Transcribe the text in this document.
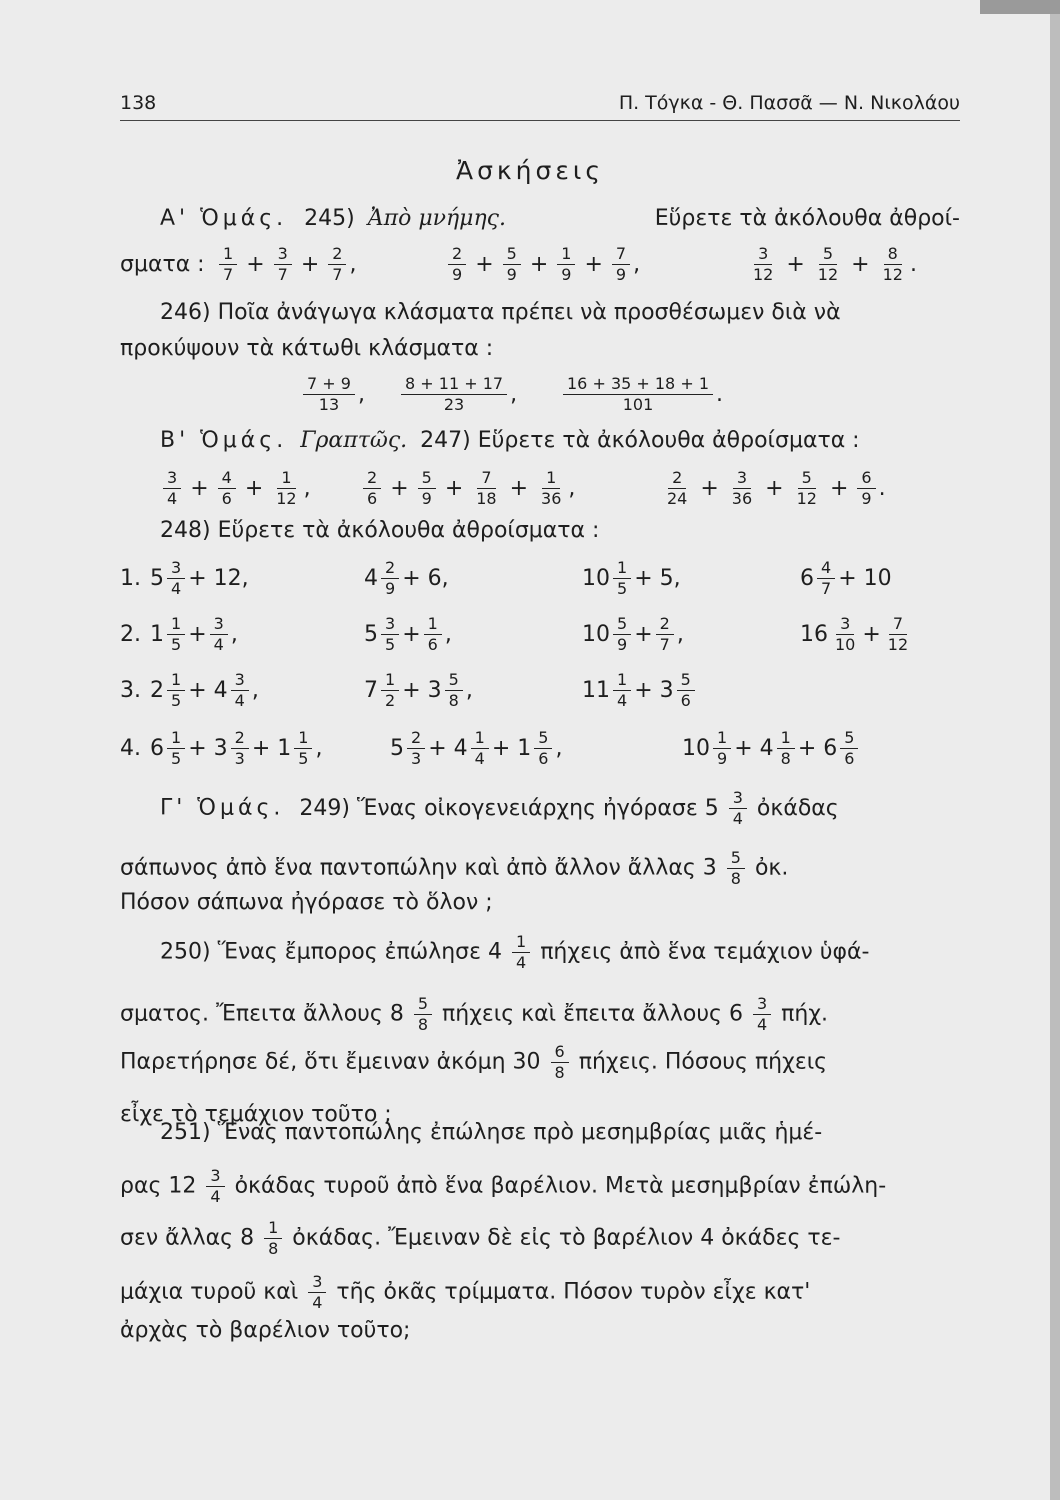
138	Π. Τόγκα - Θ. Πασσᾶ — Ν. Νικολάου
Ἀσκήσεις
Α' Ὁμάς. 245) Ἀπὸ μνήμης.	Εὕρετε τὰ ἀκόλουθα ἀθροί-
σματα : $\frac{1}{7} + \frac{3}{7} + \frac{2}{7}$ ,	$\frac{2}{9} + \frac{5}{9} + \frac{1}{9} + \frac{7}{9}$ ,	$\frac{3}{12} + \frac{5}{12} + \frac{8}{12}$ .
246) Ποῖα ἀνάγωγα κλάσματα πρέπει νὰ προσθέσωμεν διὰ νὰ
προκύψουν τὰ κάτωθι κλάσματα :
$\frac{7 + 9}{13}$ , $\frac{8 + 11 + 17}{23}$ ,	$\frac{16 + 35 + 18 + 1}{101}$ .
Β' Ὁμάς. Γραπτῶς. 247) Εὕρετε τὰ ἀκόλουθα ἀθροίσματα :
$\frac{3}{4} + \frac{4}{6} + \frac{1}{12}$ ,	$\frac{2}{6} + \frac{5}{9} + \frac{7}{18} + \frac{1}{36}$ ,	$\frac{2}{24} + \frac{3}{36} + \frac{5}{12} + \frac{6}{9}$ .
248) Εὕρετε τὰ ἀκόλουθα ἀθροίσματα :
1. $5 \frac{3}{4} + 12$,	$4 \frac{2}{9} + 6$,	$10 \frac{1}{5} + 5$,	$6 \frac{4}{7} + 10$
2. $1 \frac{1}{5} + \frac{3}{4}$ ,	$5 \frac{3}{5} + \frac{1}{6}$ ,	$10 \frac{5}{9} + \frac{2}{7}$ ,	$16 \frac{3}{10} + \frac{7}{12}$
3. $2 \frac{1}{5} + 4 \frac{3}{4}$ ,	$7 \frac{1}{2} + 3 \frac{5}{8}$ ,	$11 \frac{1}{4} + 3 \frac{5}{6}$
4. $6 \frac{1}{5} + 3 \frac{2}{3} + 1 \frac{1}{5}$ ,	$5 \frac{2}{3} + 4 \frac{1}{4} + 1 \frac{5}{6}$ ,	$10 \frac{1}{9} + 4 \frac{1}{8} + 6 \frac{5}{6}$
Γ' Ὁμάς. 249) Ἕνας οἰκογενειάρχης ἠγόρασε $5 \frac{3}{4}$ ὀκάδας
σάπωνος ἀπὸ ἕνα παντοπώλην καὶ ἀπὸ ἄλλον ἄλλας $3 \frac{5}{8}$ ὀκ.
Πόσον σάπωνα ἠγόρασε τὸ ὅλον ;
250) Ἕνας ἔμπορος ἐπώλησε $4 \frac{1}{4}$ πήχεις ἀπὸ ἕνα τεμάχιον ὑφά-
σματος. Ἔπειτα ἄλλους $8 \frac{5}{8}$ πήχεις καὶ ἔπειτα ἄλλους $6 \frac{3}{4} \pi ή\chi$.
Παρετήρησε δέ, ὅτι ἔμειναν ἀκόμη $30 \frac{6}{8} \pi ή\chi\varepsilon\iota\varsigma$. Πόσους πήχεις
εἶχε τὸ τεμάχιον τοῦτο ;
251) Ἕνας παντοπώλης ἐπώλησε πρὸ μεσημβρίας μιᾶς ἡμέ-
ρας $12 \frac{3}{4}$ ὀκάδας τυροῦ ἀπὸ ἕνα βαρέλιον. Μετὰ μεσημβρίαν ἐπώλη-
σεν ἄλλας $8 \frac{1}{8}$ ὀκάδας. Ἔμειναν δὲ εἰς τὸ βαρέλιον 4 ὀκάδες τε-
μάχια τυροῦ καὶ $\frac{3}{4}$ τῆς ὀκᾶς τρίμματα. Πόσον τυρὸν εἶχε κατ'
ἀρχὰς τὸ βαρέλιον τοῦτο;
